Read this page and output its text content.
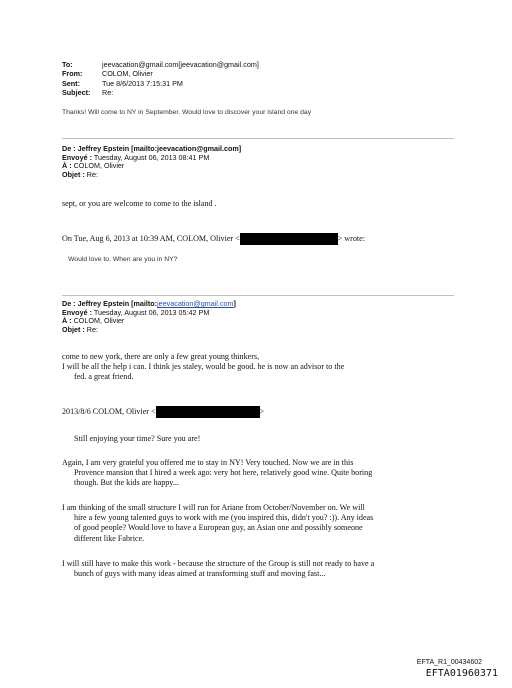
To:	jeevacation@gmail.com[jeevacation@gmail.com]
From:	COLOM, Olivier
Sent:	Tue 8/6/2013 7:15:31 PM
Subject: Re:
Thanks! Will come to NY in September. Would love to discover your island one day
De : Jeffrey Epstein [mailto:jeevacation@gmail.com]
Envoyé : Tuesday, August 06, 2013 08:41 PM
À : COLOM, Olivier
Objet : Re:
sept, or you are welcome to come to the island .
On Tue, Aug 6, 2013 at 10:39 AM, COLOM, Olivier <	> wrote:
Would love to. When are you in NY?
De : Jeffrey Epstein [mailto:jeevacation@gmail.com]
Envoyé : Tuesday, August 06, 2013 05:42 PM
À : COLOM, Olivier
Objet : Re:
come to new york, there are only a few great young thinkers,
I will be all the help i can. I think jes staley, would be good. he is now an advisor to the
fed. a great friend.
2013/8/6 COLOM, Olivier <	>
Still enjoying your time? Sure you are!
Again, I am very grateful you offered me to stay in NY! Very touched. Now we are in this
Provence mansion that I hired a week ago: very hot here, relatively good wine. Quite boring
though. But the kids are happy...
I am thinking of the small structure I will run for Ariane from October/November on. We will
hire a few young talented guys to work with me (you inspired this, didn't you? :)). Any ideas
of good people? Would love to have a European guy, an Asian one and possibly someone
different like Fabrice.
I will still have to make this work - because the structure of the Group is still not ready to have a
bunch of guys with many ideas aimed at transforming stuff and moving fast...
EFTA_R1_00434602
EFTA01960371
